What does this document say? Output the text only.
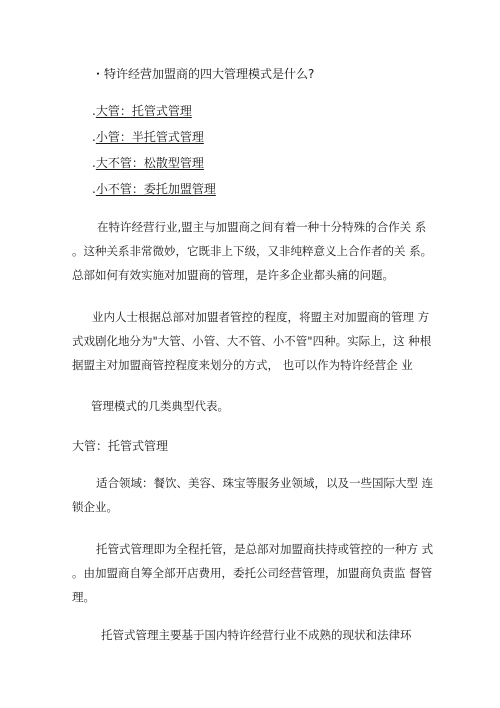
・特许经营加盟商的四大管理模式是什么?
.大管：托管式管理
.小管：半托管式管理
.大不管：松散型管理
.小不管：委托加盟管理
在特许经营行业,盟主与加盟商之间有着一种十分特殊的合作关 系
。这种关系非常微妙，它既非上下级，又非纯粹意义上合作者的关 系。
总部如何有效实施对加盟商的管理，是许多企业都头痛的问题。
业内人士根据总部对加盟者管控的程度，将盟主对加盟商的管理 方
式戏剧化地分为"大管、小管、大不管、小不管"四种。实际上，这 种根
据盟主对加盟商管控程度来划分的方式， 也可以作为特许经营企 业
管理模式的几类典型代表。
大管：托管式管理
适合领域：餐饮、美容、珠宝等服务业领域，以及一些国际大型 连
锁企业。
托管式管理即为全程托管，是总部对加盟商扶持或管控的一种方 式
。由加盟商自筹全部开店费用，委托公司经营管理，加盟商负责监 督管
理。
托管式管理主要基于国内特许经营行业不成熟的现状和法律环
